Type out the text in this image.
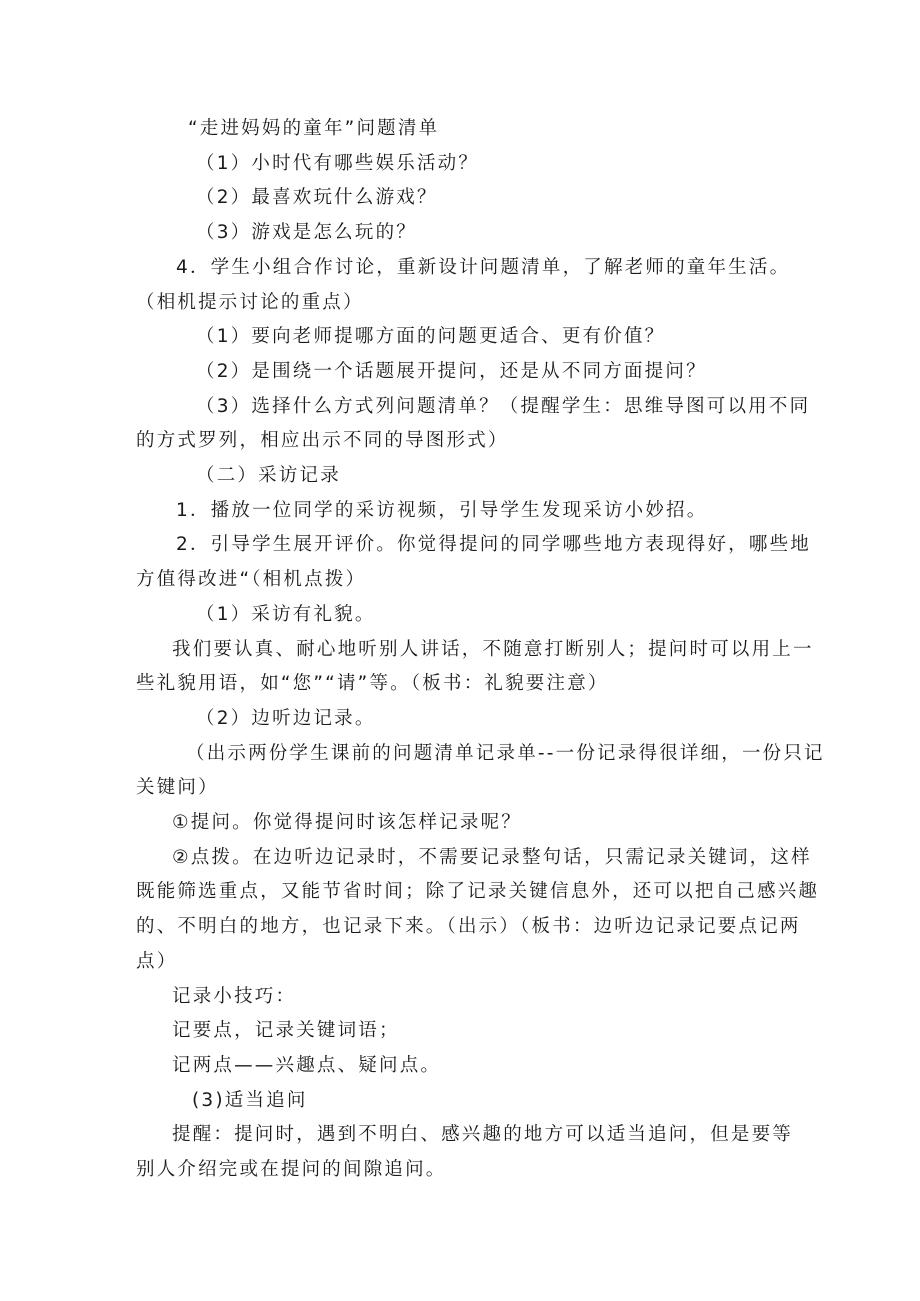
“走进妈妈的童年”问题清单
（1）小时代有哪些娱乐活动？
（2）最喜欢玩什么游戏？
（3）游戏是怎么玩的？
4．学生小组合作讨论，重新设计问题清单，了解老师的童年生活。
（相机提示讨论的重点）
（1）要向老师提哪方面的问题更适合、更有价值？
（2）是围绕一个话题展开提问，还是从不同方面提问？
（3）选择什么方式列问题清单？（提醒学生：思维导图可以用不同
的方式罗列，相应出示不同的导图形式）
（二）采访记录
1．播放一位同学的采访视频，引导学生发现采访小妙招。
2．引导学生展开评价。你觉得提问的同学哪些地方表现得好，哪些地
方值得改进“（相机点拨）
（1）采访有礼貌。
我们要认真、耐心地听别人讲话，不随意打断别人；提问时可以用上一
些礼貌用语，如“您”“请”等。（板书：礼貌要注意）
（2）边听边记录。
（出示两份学生课前的问题清单记录单--一份记录得很详细，一份只记
关键问）
①提问。你觉得提问时该怎样记录呢？
②点拨。在边听边记录时，不需要记录整句话，只需记录关键词，这样
既能筛选重点，又能节省时间；除了记录关键信息外，还可以把自己感兴趣
的、不明白的地方，也记录下来。（出示）（板书：边听边记录记要点记两
点）
记录小技巧：
记要点，记录关键词语；
记两点——兴趣点、疑问点。
(3)适当追问
提醒：提问时，遇到不明白、感兴趣的地方可以适当追问，但是要等
别人介绍完或在提问的间隙追问。
